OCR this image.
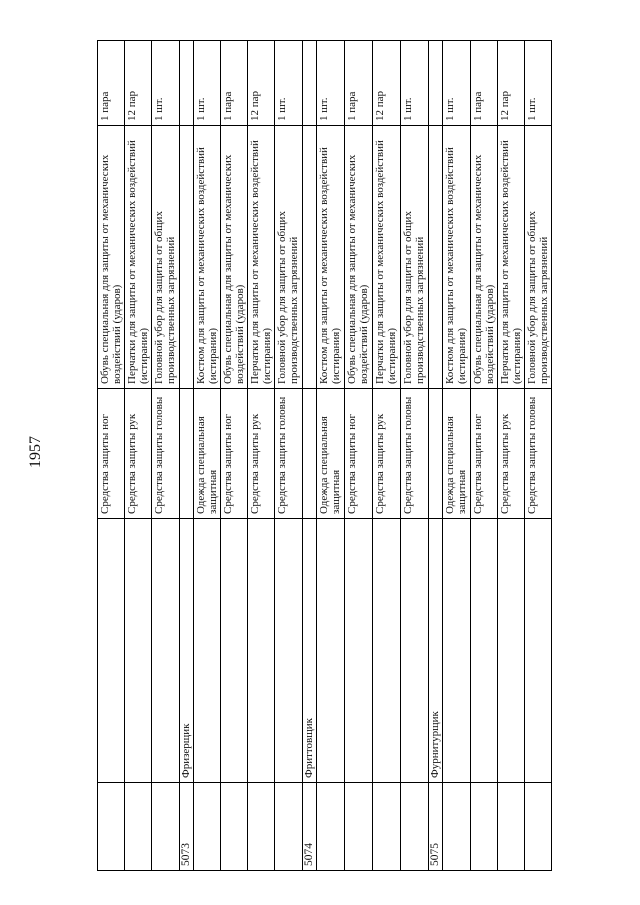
1957
			Средства защиты ног	Обувь специальная для защиты от механических воздействий (ударов)	1 пара
		Средства защиты рук	Перчатки для защиты от механических воздействий (истирания)	12 пар
		Средства защиты головы	Головной убор для защиты от общих производственных загрязнений	1 шт.
5073	Фризерщик			
		Одежда специальная защитная	Костюм для защиты от механических воздействий (истирания)	1 шт.
		Средства защиты ног	Обувь специальная для защиты от механических воздействий (ударов)	1 пара
		Средства защиты рук	Перчатки для защиты от механических воздействий (истирания)	12 пар
		Средства защиты головы	Головной убор для защиты от общих производственных загрязнений	1 шт.
5074	Фриттовщик			
		Одежда специальная защитная	Костюм для защиты от механических воздействий (истирания)	1 шт.
		Средства защиты ног	Обувь специальная для защиты от механических воздействий (ударов)	1 пара
		Средства защиты рук	Перчатки для защиты от механических воздействий (истирания)	12 пар
		Средства защиты головы	Головной убор для защиты от общих производственных загрязнений	1 шт.
5075	Фурнитурщик			
		Одежда специальная защитная	Костюм для защиты от механических воздействий (истирания)	1 шт.
		Средства защиты ног	Обувь специальная для защиты от механических воздействий (ударов)	1 пара
		Средства защиты рук	Перчатки для защиты от механических воздействий (истирания)	12 пар
		Средства защиты головы	Головной убор для защиты от общих производственных загрязнений	1 шт.
